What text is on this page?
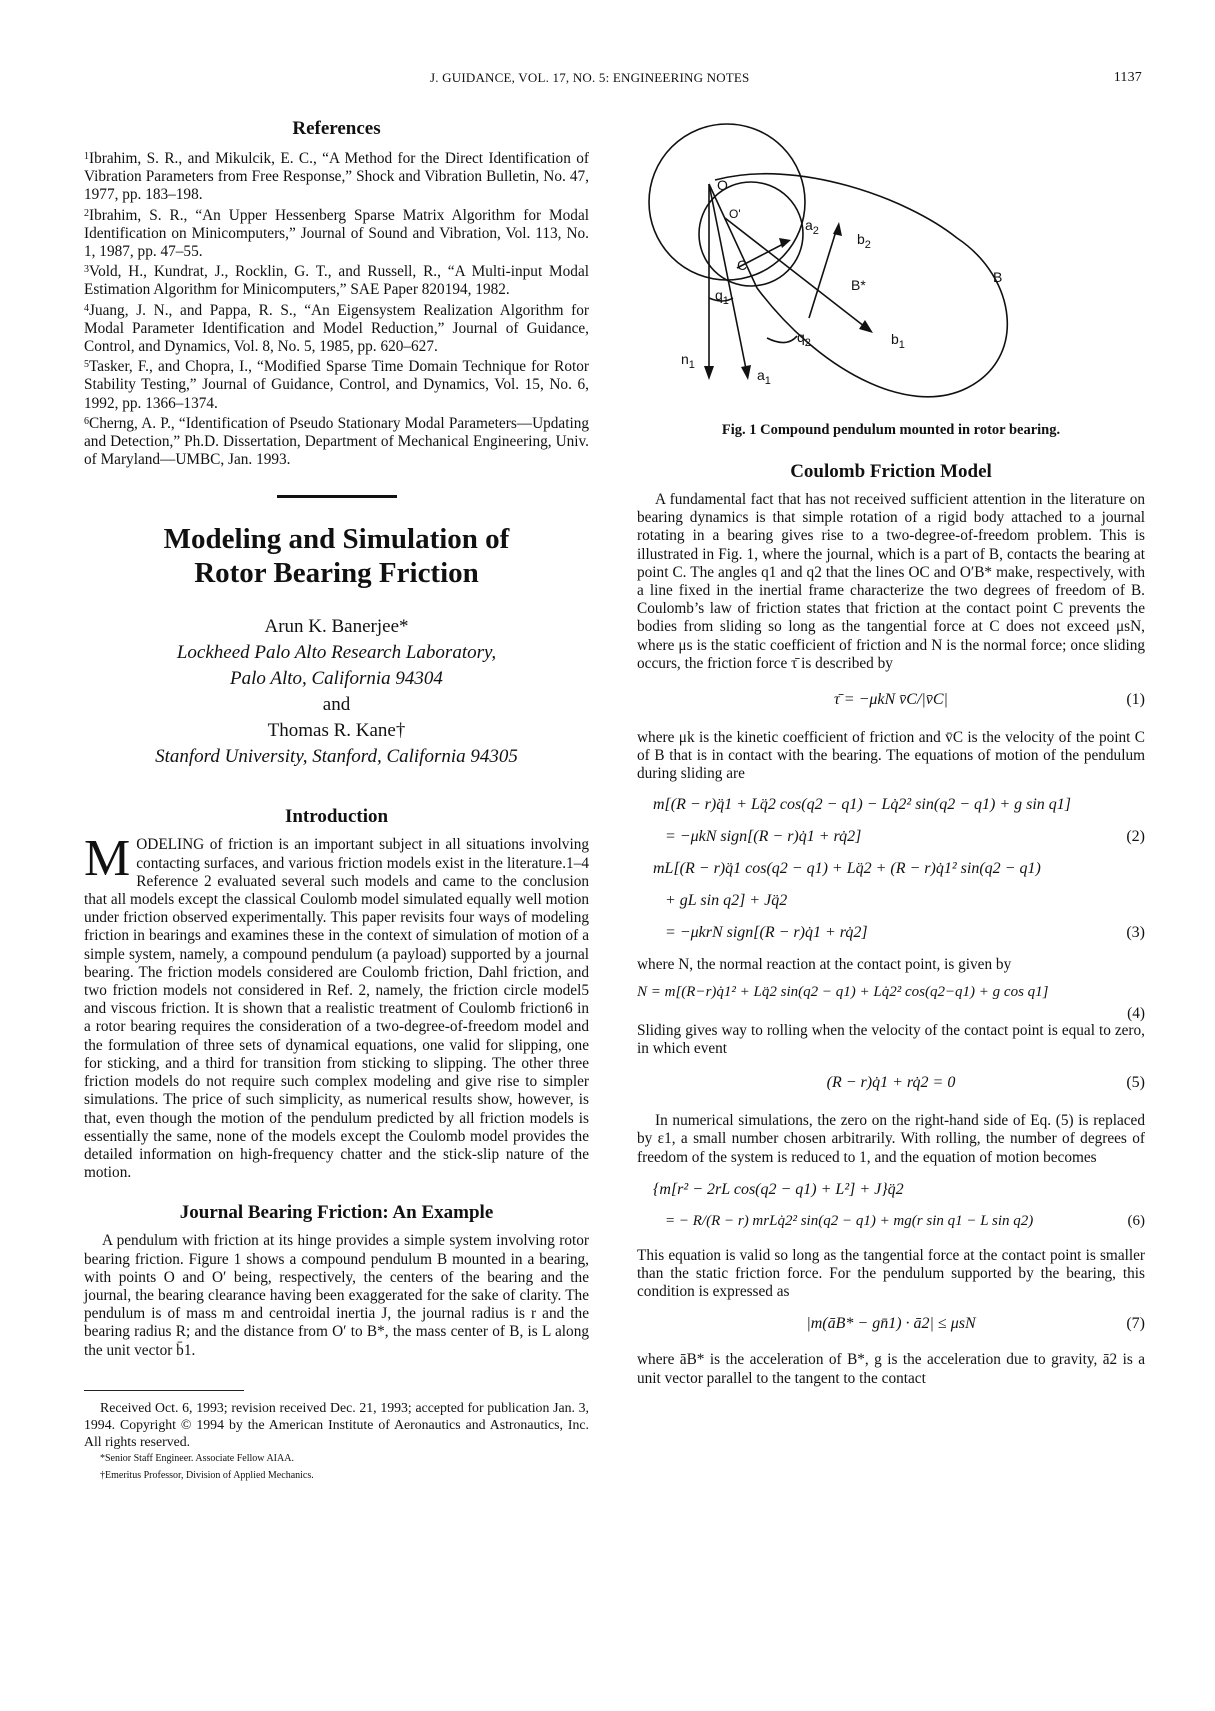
J. GUIDANCE, VOL. 17, NO. 5: ENGINEERING NOTES	1137
References
$^1$Ibrahim, S. R., and Mikulcik, E. C., “A Method for the Direct Identification of Vibration Parameters from Free Response,” Shock and Vibration Bulletin, No. 47, 1977, pp. 183–198.
$^2$Ibrahim, S. R., “An Upper Hessenberg Sparse Matrix Algorithm for Modal Identification on Minicomputers,” Journal of Sound and Vibration, Vol. 113, No. 1, 1987, pp. 47–55.
$^3$Vold, H., Kundrat, J., Rocklin, G. T., and Russell, R., “A Multi-input Modal Estimation Algorithm for Minicomputers,” SAE Paper 820194, 1982.
$^4$Juang, J. N., and Pappa, R. S., “An Eigensystem Realization Algorithm for Modal Parameter Identification and Model Reduction,” Journal of Guidance, Control, and Dynamics, Vol. 8, No. 5, 1985, pp. 620–627.
$^5$Tasker, F., and Chopra, I., “Modified Sparse Time Domain Technique for Rotor Stability Testing,” Journal of Guidance, Control, and Dynamics, Vol. 15, No. 6, 1992, pp. 1366–1374.
$^6$Cherng, A. P., “Identification of Pseudo Stationary Modal Parameters—Updating and Detection,” Ph.D. Dissertation, Department of Mechanical Engineering, Univ. of Maryland—UMBC, Jan. 1993.
Modeling and Simulation of
Rotor Bearing Friction
Arun K. Banerjee*
Lockheed Palo Alto Research Laboratory,
Palo Alto, California 94304
and
Thomas R. Kane†
Stanford University, Stanford, California 94305
Introduction

MODELING of friction is an important subject in all situations involving contacting surfaces, and various friction models exist in the literature.1–4 Reference 2 evaluated several such models and came to the conclusion that all models except the classical Coulomb model simulated equally well motion under friction observed experimentally. This paper revisits four ways of modeling friction in bearings and examines these in the context of simulation of motion of a simple system, namely, a compound pendulum (a payload) supported by a journal bearing. The friction models considered are Coulomb friction, Dahl friction, and two friction models not considered in Ref. 2, namely, the friction circle model5 and viscous friction. It is shown that a realistic treatment of Coulomb friction6 in a rotor bearing requires the consideration of a two-degree-of-freedom model and the formulation of three sets of dynamical equations, one valid for slipping, one for sticking, and a third for transition from sticking to slipping. The other three friction models do not require such complex modeling and give rise to simpler simulations. The price of such simplicity, as numerical results show, however, is that, even though the motion of the pendulum predicted by all friction models is essentially the same, none of the models except the Coulomb model provides the detailed information on high-frequency chatter and the stick-slip nature of the motion.

Journal Bearing Friction: An Example

A pendulum with friction at its hinge provides a simple system involving rotor bearing friction. Figure 1 shows a compound pendulum B mounted in a bearing, with points O and O′ being, respectively, the centers of the bearing and the journal, the bearing clearance having been exaggerated for the sake of clarity. The pendulum is of mass m and centroidal inertia J, the journal radius is r and the bearing radius R; and the distance from O′ to B*, the mass center of B, is L along the unit vector b̄1.

Received Oct. 6, 1993; revision received Dec. 21, 1993; accepted for publication Jan. 3, 1994. Copyright © 1994 by the American Institute of Aeronautics and Astronautics, Inc. All rights reserved.

*Senior Staff Engineer. Associate Fellow AIAA.

†Emeritus Professor, Division of Applied Mechanics.

O
O'
C
$a_2$	$b_2$
B*	B
$q_1$
$q_2$	$b_1$
$n_1$
$a_1$
Fig. 1 Compound pendulum mounted in rotor bearing.
Coulomb Friction Model

A fundamental fact that has not received sufficient attention in the literature on bearing dynamics is that simple rotation of a rigid body attached to a journal rotating in a bearing gives rise to a two-degree-of-freedom problem. This is illustrated in Fig. 1, where the journal, which is a part of B, contacts the bearing at point C. The angles q1 and q2 that the lines OC and O′B* make, respectively, with a line fixed in the inertial frame characterize the two degrees of freedom of B. Coulomb’s law of friction states that friction at the contact point C prevents the bodies from sliding so long as the tangential force at C does not exceed μsN, where μs is the static coefficient of friction and N is the normal force; once sliding occurs, the friction force τ̄ is described by

τ̄ = −μkN v̄C/|v̄C|	(1)

where μk is the kinetic coefficient of friction and v̄C is the velocity of the point C of B that is in contact with the bearing. The equations of motion of the pendulum during sliding are

m[(R − r)q̈1 + Lq̈2 cos(q2 − q1) − Lq̇2² sin(q2 − q1) + g sin q1]
= −μkN sign[(R − r)q̇1 + rq̇2]	(2)
mL[(R − r)q̈1 cos(q2 − q1) + Lq̈2 + (R − r)q̇1² sin(q2 − q1)
+ gL sin q2] + Jq̈2
= −μkrN sign[(R − r)q̇1 + rq̇2]	(3)

where N, the normal reaction at the contact point, is given by

N = m[(R−r)q̇1² + Lq̈2 sin(q2 − q1) + Lq̇2² cos(q2−q1) + g cos q1]
(4)

Sliding gives way to rolling when the velocity of the contact point is equal to zero, in which event

(R − r)q̇1 + rq̇2 = 0	(5)

In numerical simulations, the zero on the right-hand side of Eq. (5) is replaced by ε1, a small number chosen arbitrarily. With rolling, the number of degrees of freedom of the system is reduced to 1, and the equation of motion becomes

{m[r² − 2rL cos(q2 − q1) + L²] + J}q̈2
= − R/(R − r) mrLq̇2² sin(q2 − q1) + mg(r sin q1 − L sin q2)	(6)

This equation is valid so long as the tangential force at the contact point is smaller than the static friction force. For the pendulum supported by the bearing, this condition is expressed as

|m(āB* − gn̄1) · ā2| ≤ μsN	(7)

where āB* is the acceleration of B*, g is the acceleration due to gravity, ā2 is a unit vector parallel to the tangent to the contact
